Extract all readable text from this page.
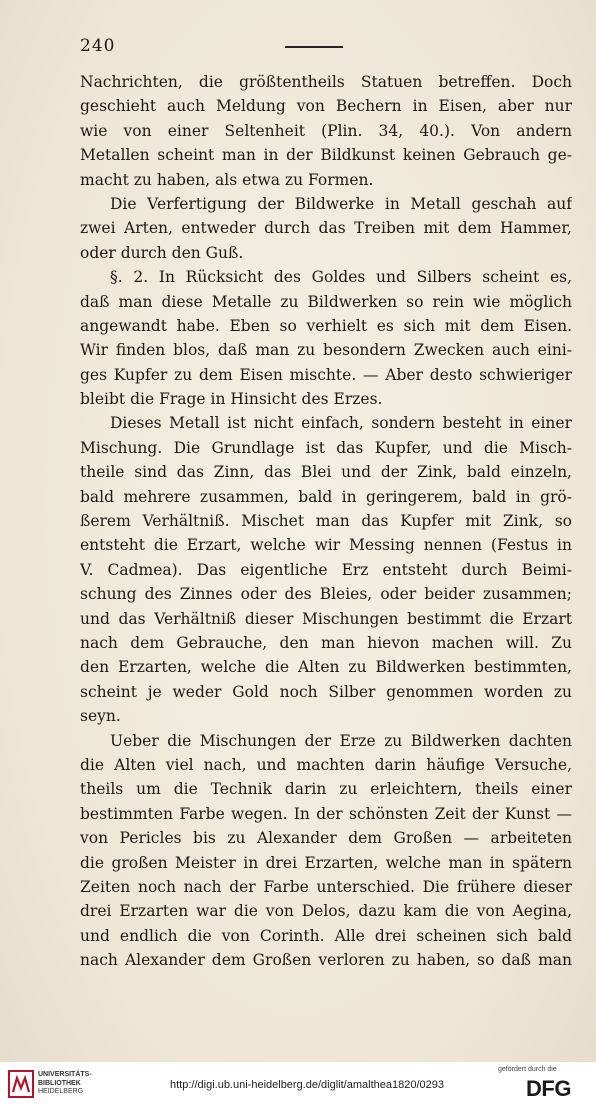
240
Nachrichten, die größtentheils Statuen betreffen. Doch
geschieht auch Meldung von Bechern in Eisen, aber nur
wie von einer Seltenheit (Plin. 34, 40.). Von andern
Metallen scheint man in der Bildkunst keinen Gebrauch ge-
macht zu haben, als etwa zu Formen.
Die Verfertigung der Bildwerke in Metall geschah auf
zwei Arten, entweder durch das Treiben mit dem Hammer,
oder durch den Guß.
§. 2. In Rücksicht des Goldes und Silbers scheint es,
daß man diese Metalle zu Bildwerken so rein wie möglich
angewandt habe. Eben so verhielt es sich mit dem Eisen.
Wir finden blos, daß man zu besondern Zwecken auch eini-
ges Kupfer zu dem Eisen mischte. — Aber desto schwieriger
bleibt die Frage in Hinsicht des Erzes.
Dieses Metall ist nicht einfach, sondern besteht in einer
Mischung. Die Grundlage ist das Kupfer, und die Misch-
theile sind das Zinn, das Blei und der Zink, bald einzeln,
bald mehrere zusammen, bald in geringerem, bald in grö-
ßerem Verhältniß. Mischet man das Kupfer mit Zink, so
entsteht die Erzart, welche wir Messing nennen (Festus in
V. Cadmea). Das eigentliche Erz entsteht durch Beimi-
schung des Zinnes oder des Bleies, oder beider zusammen;
und das Verhältniß dieser Mischungen bestimmt die Erzart
nach dem Gebrauche, den man hievon machen will. Zu
den Erzarten, welche die Alten zu Bildwerken bestimmten,
scheint je weder Gold noch Silber genommen worden zu
seyn.
Ueber die Mischungen der Erze zu Bildwerken dachten
die Alten viel nach, und machten darin häufige Versuche,
theils um die Technik darin zu erleichtern, theils einer
bestimmten Farbe wegen. In der schönsten Zeit der Kunst —
von Pericles bis zu Alexander dem Großen — arbeiteten
die großen Meister in drei Erzarten, welche man in spätern
Zeiten noch nach der Farbe unterschied. Die frühere dieser
drei Erzarten war die von Delos, dazu kam die von Aegina,
und endlich die von Corinth. Alle drei scheinen sich bald
nach Alexander dem Großen verloren zu haben, so daß man
UNIVERSITÄTS-
BIBLIOTHEK
HEIDELBERG
http://digi.ub.uni-heidelberg.de/diglit/amalthea1820/0293
gefördert durch die
DFG
